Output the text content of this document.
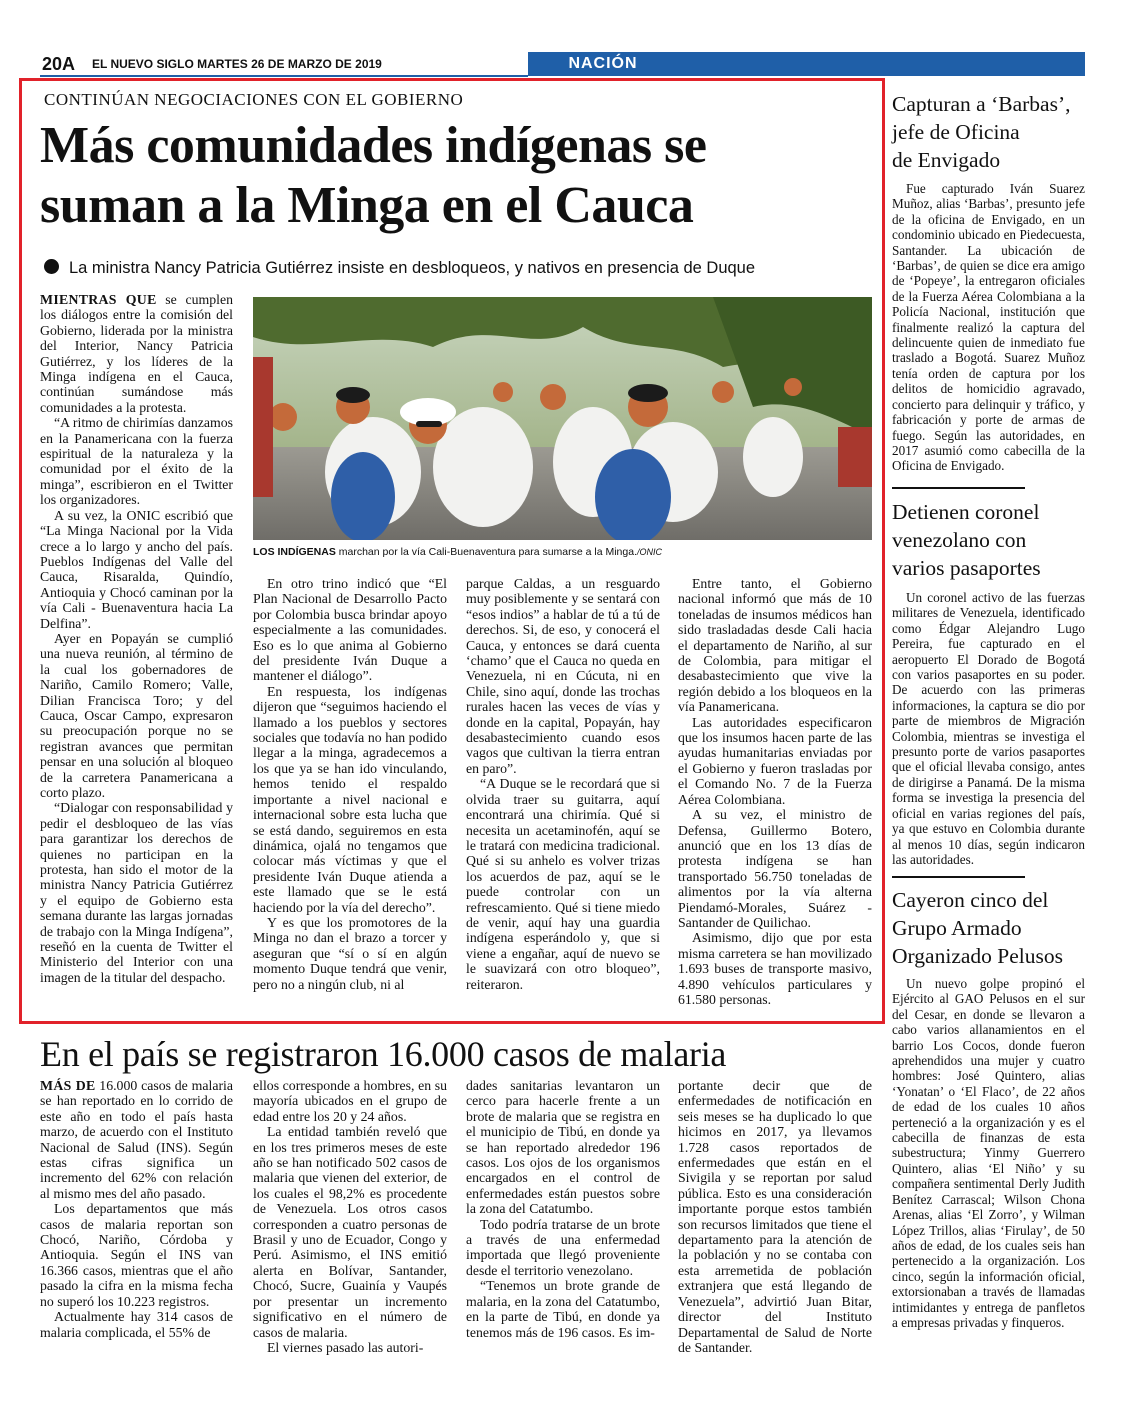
20A EL NUEVO SIGLO MARTES 26 DE MARZO DE 2019	NACIÓN
CONTINÚAN NEGOCIACIONES CON EL GOBIERNO
Más comunidades indígenas se
suman a la Minga en el Cauca
La ministra Nancy Patricia Gutiérrez insiste en desbloqueos, y nativos en presencia de Duque

MIENTRAS QUE se cumplen los diálogos entre la comisión del Gobierno, liderada por la ministra del Interior, Nancy Patricia Gutiérrez, y los líderes de la Minga indígena en el Cauca, continúan sumándose más comunidades a la protesta.

“A ritmo de chirimías danzamos en la Panamericana con la fuerza espiritual de la naturaleza y la comunidad por el éxito de la minga”, escribieron en el Twitter los organizadores.

A su vez, la ONIC escribió que “La Minga Nacional por la Vida crece a lo largo y ancho del país. Pueblos Indígenas del Valle del Cauca, Risaralda, Quindío, Antioquia y Chocó caminan por la vía Cali - Buenaventura hacia La Delfina”.

Ayer en Popayán se cumplió una nueva reunión, al término de la cual los gobernadores de Nariño, Camilo Romero; Valle, Dilian Francisca Toro; y del Cauca, Oscar Campo, expresaron su preocupación porque no se registran avances que permitan pensar en una solución al bloqueo de la carretera Panamericana a corto plazo.

“Dialogar con responsabilidad y pedir el desbloqueo de las vías para garantizar los derechos de quienes no participan en la protesta, han sido el motor de la ministra Nancy Patricia Gutiérrez y el equipo de Gobierno esta semana durante las largas jornadas de trabajo con la Minga Indígena”, reseñó en la cuenta de Twitter el Ministerio del Interior con una imagen de la titular del despacho.

En otro trino indicó que “El Plan Nacional de Desarrollo Pacto por Colombia busca brindar apoyo especialmente a las comunidades. Eso es lo que anima al Gobierno del presidente Iván Duque a mantener el diálogo”.

En respuesta, los indígenas dijeron que “seguimos haciendo el llamado a los pueblos y sectores sociales que todavía no han podido llegar a la minga, agradecemos a los que ya se han ido vinculando, hemos tenido el respaldo importante a nivel nacional e internacional sobre esta lucha que se está dando, seguiremos en esta dinámica, ojalá no tengamos que colocar más víctimas y que el presidente Iván Duque atienda a este llamado que se le está haciendo por la vía del derecho”.

Y es que los promotores de la Minga no dan el brazo a torcer y aseguran que “sí o sí en algún momento Duque tendrá que venir, pero no a ningún club, ni al

parque Caldas, a un resguardo muy posiblemente y se sentará con “esos indios” a hablar de tú a tú de derechos. Si, de eso, y conocerá el Cauca, y entonces se dará cuenta ‘chamo’ que el Cauca no queda en Venezuela, ni en Cúcuta, ni en Chile, sino aquí, donde las trochas rurales hacen las veces de vías y donde en la capital, Popayán, hay desabastecimiento cuando esos vagos que cultivan la tierra entran en paro”.

“A Duque se le recordará que si olvida traer su guitarra, aquí encontrará una chirimía. Qué si necesita un acetaminofén, aquí se le tratará con medicina tradicional. Qué si su anhelo es volver trizas los acuerdos de paz, aquí se le puede controlar con un refrescamiento. Qué si tiene miedo de venir, aquí hay una guardia indígena esperándolo y, que si viene a engañar, aquí de nuevo se le suavizará con otro bloqueo”, reiteraron.

Entre tanto, el Gobierno nacional informó que más de 10 toneladas de insumos médicos han sido trasladadas desde Cali hacia el departamento de Nariño, al sur de Colombia, para mitigar el desabastecimiento que vive la región debido a los bloqueos en la vía Panamericana.

Las autoridades especificaron que los insumos hacen parte de las ayudas humanitarias enviadas por el Gobierno y fueron trasladas por el Comando No. 7 de la Fuerza Aérea Colombiana.

A su vez, el ministro de Defensa, Guillermo Botero, anunció que en los 13 días de protesta indígena se han transportado 56.750 toneladas de alimentos por la vía alterna Piendamó-Morales, Suárez -Santander de Quilichao.

Asimismo, dijo que por esta misma carretera se han movilizado 1.693 buses de transporte masivo, 4.890 vehículos particulares y 61.580 personas.

LOS INDÍGENAS marchan por la vía Cali-Buenaventura para sumarse a la Minga./ONIC
Capturan a ‘Barbas’,
jefe de Oficina
de Envigado

Fue capturado Iván Suarez Muñoz, alias ‘Barbas’, presunto jefe de la oficina de Envigado, en un condominio ubicado en Piedecuesta, Santander. La ubicación de ‘Barbas’, de quien se dice era amigo de ‘Popeye’, la entregaron oficiales de la Fuerza Aérea Colombiana a la Policía Nacional, institución que finalmente realizó la captura del delincuente quien de inmediato fue traslado a Bogotá. Suarez Muñoz tenía orden de captura por los delitos de homicidio agravado, concierto para delinquir y tráfico, y fabricación y porte de armas de fuego. Según las autoridades, en 2017 asumió como cabecilla de la Oficina de Envigado.

Detienen coronel
venezolano con
varios pasaportes

Un coronel activo de las fuerzas militares de Venezuela, identificado como Édgar Alejandro Lugo Pereira, fue capturado en el aeropuerto El Dorado de Bogotá con varios pasaportes en su poder. De acuerdo con las primeras informaciones, la captura se dio por parte de miembros de Migración Colombia, mientras se investiga el presunto porte de varios pasaportes que el oficial llevaba consigo, antes de dirigirse a Panamá. De la misma forma se investiga la presencia del oficial en varias regiones del país, ya que estuvo en Colombia durante al menos 10 días, según indicaron las autoridades.

Cayeron cinco del
Grupo Armado
Organizado Pelusos

Un nuevo golpe propinó el Ejército al GAO Pelusos en el sur del Cesar, en donde se llevaron a cabo varios allanamientos en el barrio Los Cocos, donde fueron aprehendidos una mujer y cuatro hombres: José Quintero, alias ‘Yonatan’ o ‘El Flaco’, de 22 años de edad de los cuales 10 años perteneció a la organización y es el cabecilla de finanzas de esta subestructura; Yinmy Guerrero Quintero, alias ‘El Niño’ y su compañera sentimental Derly Judith Benítez Carrascal; Wilson Chona Arenas, alias ‘El Zorro’, y Wilman López Trillos, alias ‘Firulay’, de 50 años de edad, de los cuales seis han pertenecido a la organización. Los cinco, según la información oficial, extorsionaban a través de llamadas intimidantes y entrega de panfletos a empresas privadas y finqueros.

En el país se registraron 16.000 casos de malaria

MÁS DE 16.000 casos de malaria se han reportado en lo corrido de este año en todo el país hasta marzo, de acuerdo con el Instituto Nacional de Salud (INS). Según estas cifras significa un incremento del 62% con relación al mismo mes del año pasado.

Los departamentos que más casos de malaria reportan son Chocó, Nariño, Córdoba y Antioquia. Según el INS van 16.366 casos, mientras que el año pasado la cifra en la misma fecha no superó los 10.223 registros.

Actualmente hay 314 casos de malaria complicada, el 55% de

ellos corresponde a hombres, en su mayoría ubicados en el grupo de edad entre los 20 y 24 años.

La entidad también reveló que en los tres primeros meses de este año se han notificado 502 casos de malaria que vienen del exterior, de los cuales el 98,2% es procedente de Venezuela. Los otros casos corresponden a cuatro personas de Brasil y uno de Ecuador, Congo y Perú. Asimismo, el INS emitió alerta en Bolívar, Santander, Chocó, Sucre, Guainía y Vaupés por presentar un incremento significativo en el número de casos de malaria.

El viernes pasado las autori-

dades sanitarias levantaron un cerco para hacerle frente a un brote de malaria que se registra en el municipio de Tibú, en donde ya se han reportado alrededor 196 casos. Los ojos de los organismos encargados en el control de enfermedades están puestos sobre la zona del Catatumbo.

Todo podría tratarse de un brote a través de una enfermedad importada que llegó proveniente desde el territorio venezolano.

“Tenemos un brote grande de malaria, en la zona del Catatumbo, en la parte de Tibú, en donde ya tenemos más de 196 casos. Es im-

portante decir que de enfermedades de notificación en seis meses se ha duplicado lo que hicimos en 2017, ya llevamos 1.728 casos reportados de enfermedades que están en el Sivigila y se reportan por salud pública. Esto es una consideración importante porque estos también son recursos limitados que tiene el departamento para la atención de la población y no se contaba con esta arremetida de población extranjera que está llegando de Venezuela”, advirtió Juan Bitar, director del Instituto Departamental de Salud de Norte de Santander.
